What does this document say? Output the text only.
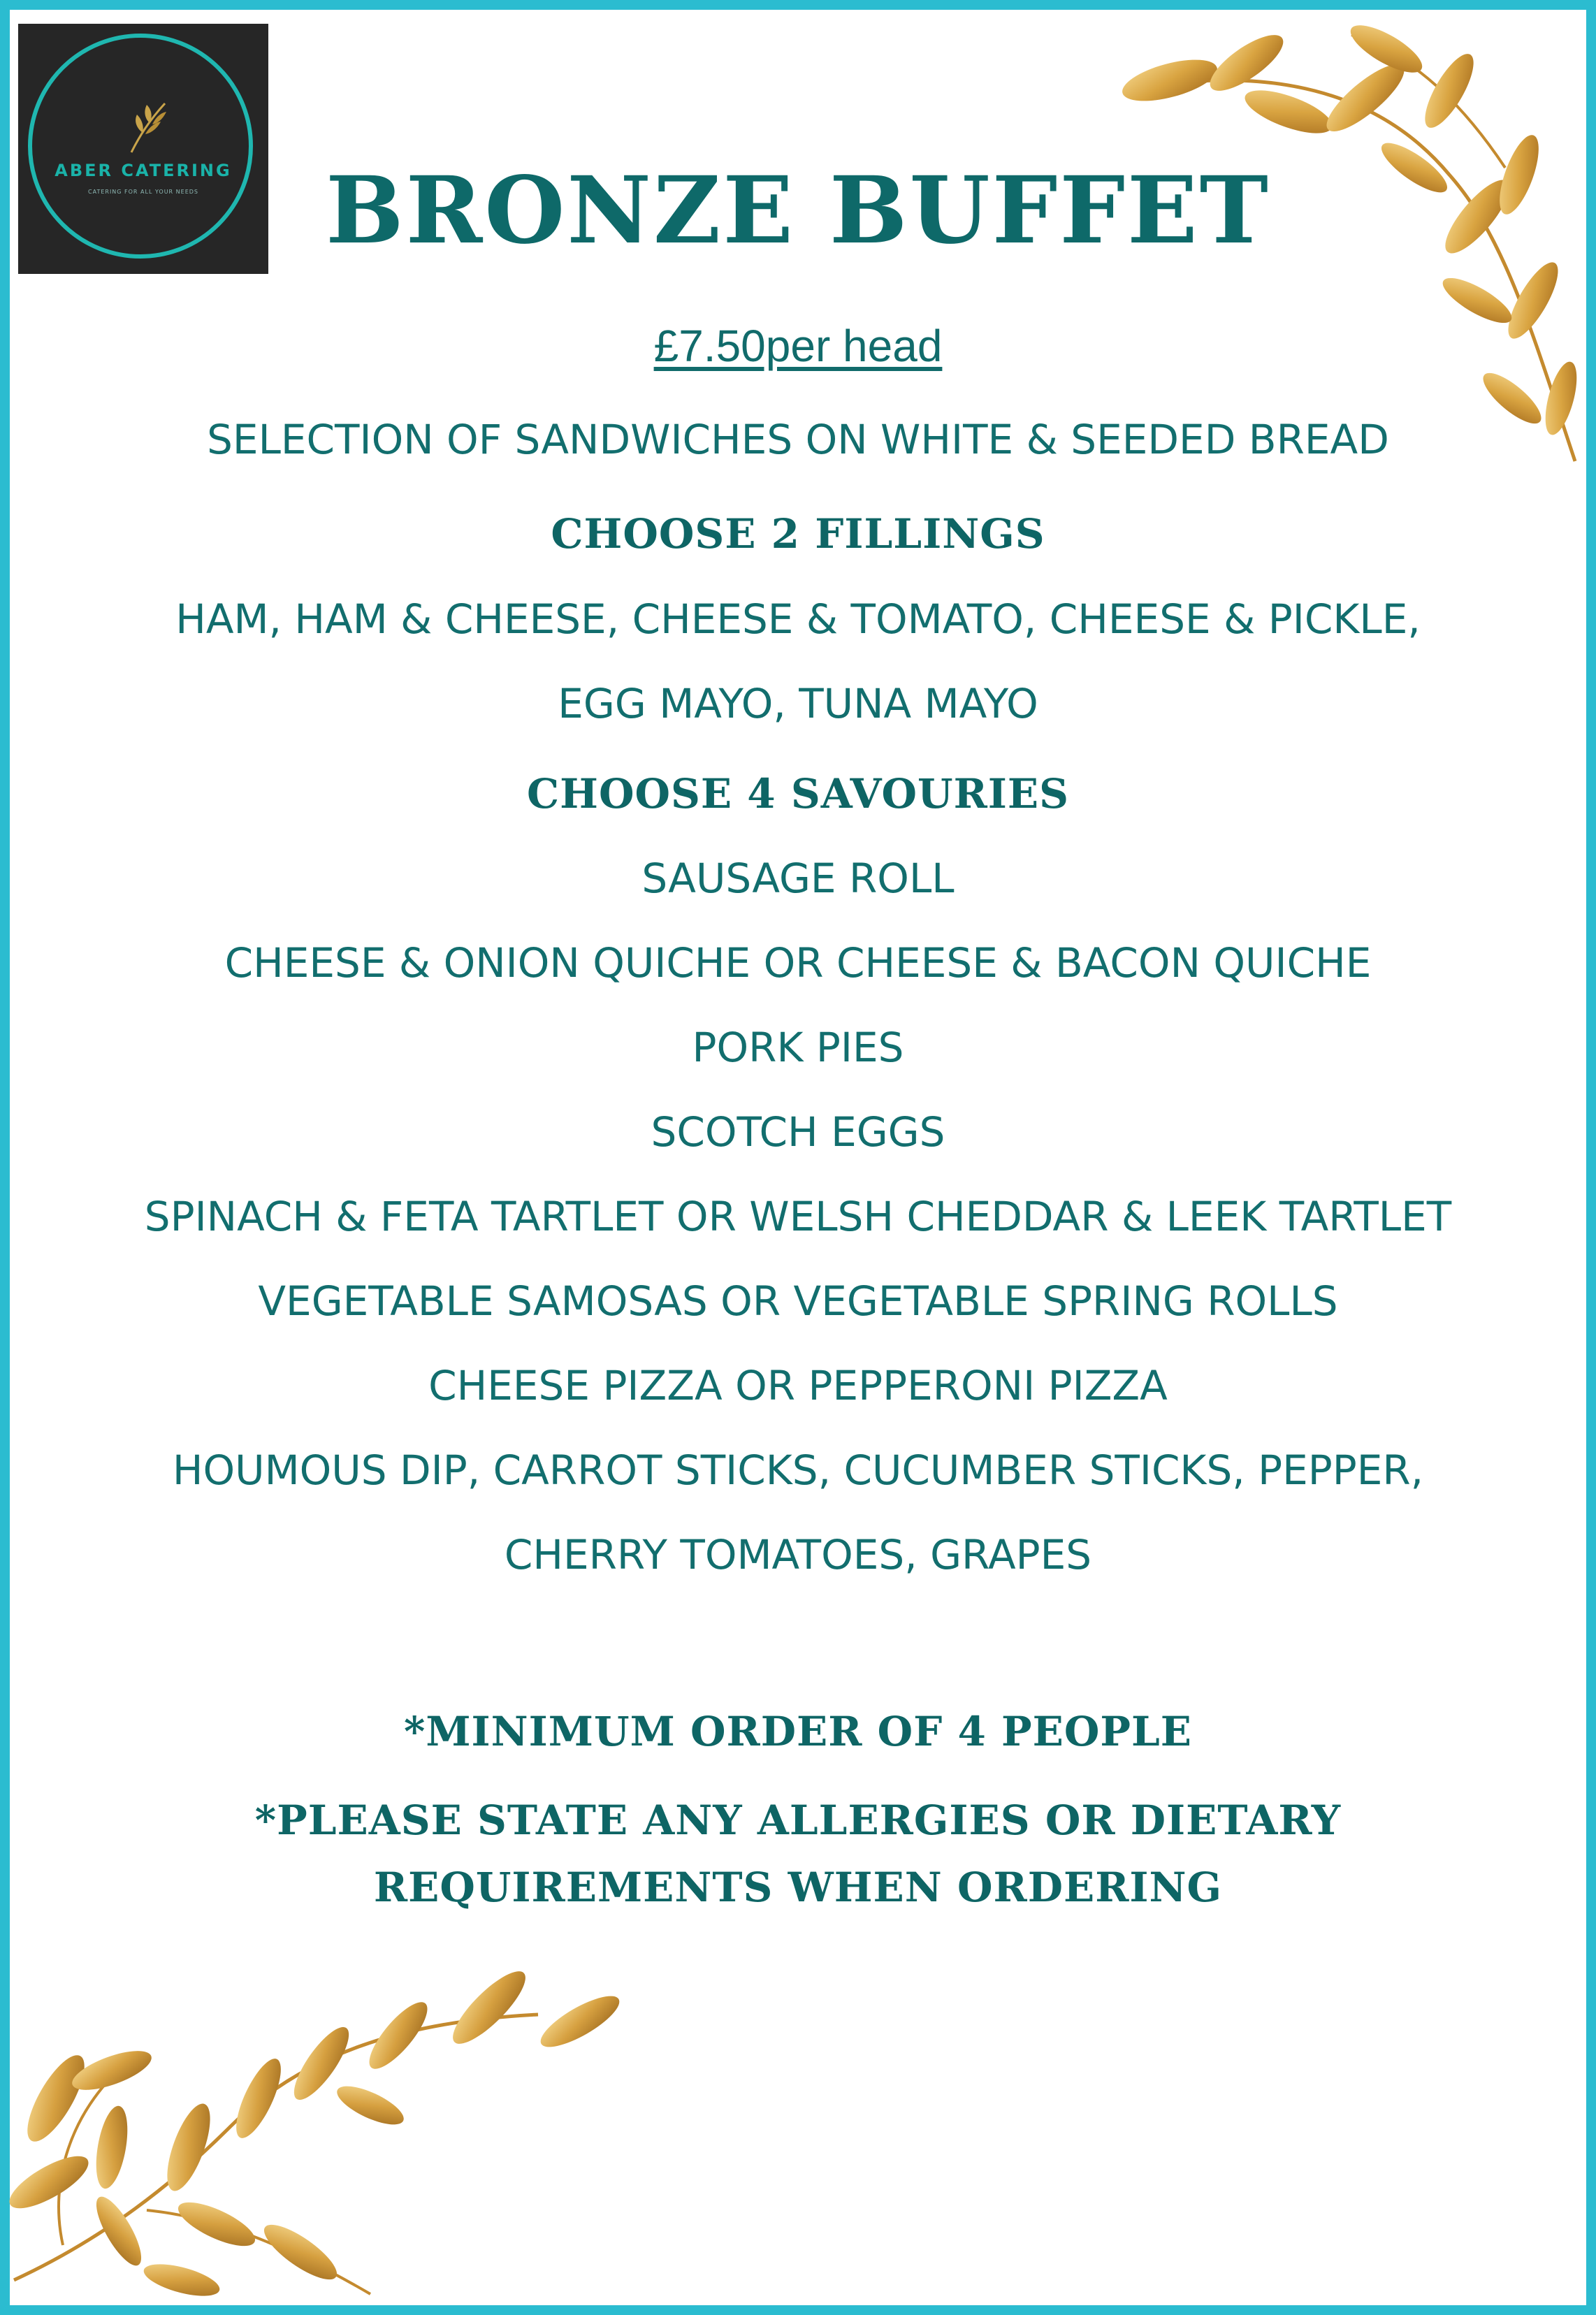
ABER CATERING
CATERING FOR ALL YOUR NEEDS	BRONZE BUFFET
£7.50per head
SELECTION OF SANDWICHES ON WHITE & SEEDED BREAD
CHOOSE 2 FILLINGS
HAM, HAM & CHEESE, CHEESE & TOMATO, CHEESE & PICKLE,
EGG MAYO, TUNA MAYO
CHOOSE 4 SAVOURIES
SAUSAGE ROLL
CHEESE & ONION QUICHE OR CHEESE & BACON QUICHE
PORK PIES
SCOTCH EGGS
SPINACH & FETA TARTLET OR WELSH CHEDDAR & LEEK TARTLET
VEGETABLE SAMOSAS OR VEGETABLE SPRING ROLLS
CHEESE PIZZA OR PEPPERONI PIZZA
HOUMOUS DIP, CARROT STICKS, CUCUMBER STICKS, PEPPER,
CHERRY TOMATOES, GRAPES
*MINIMUM ORDER OF 4 PEOPLE
*PLEASE STATE ANY ALLERGIES OR DIETARY
REQUIREMENTS WHEN ORDERING
